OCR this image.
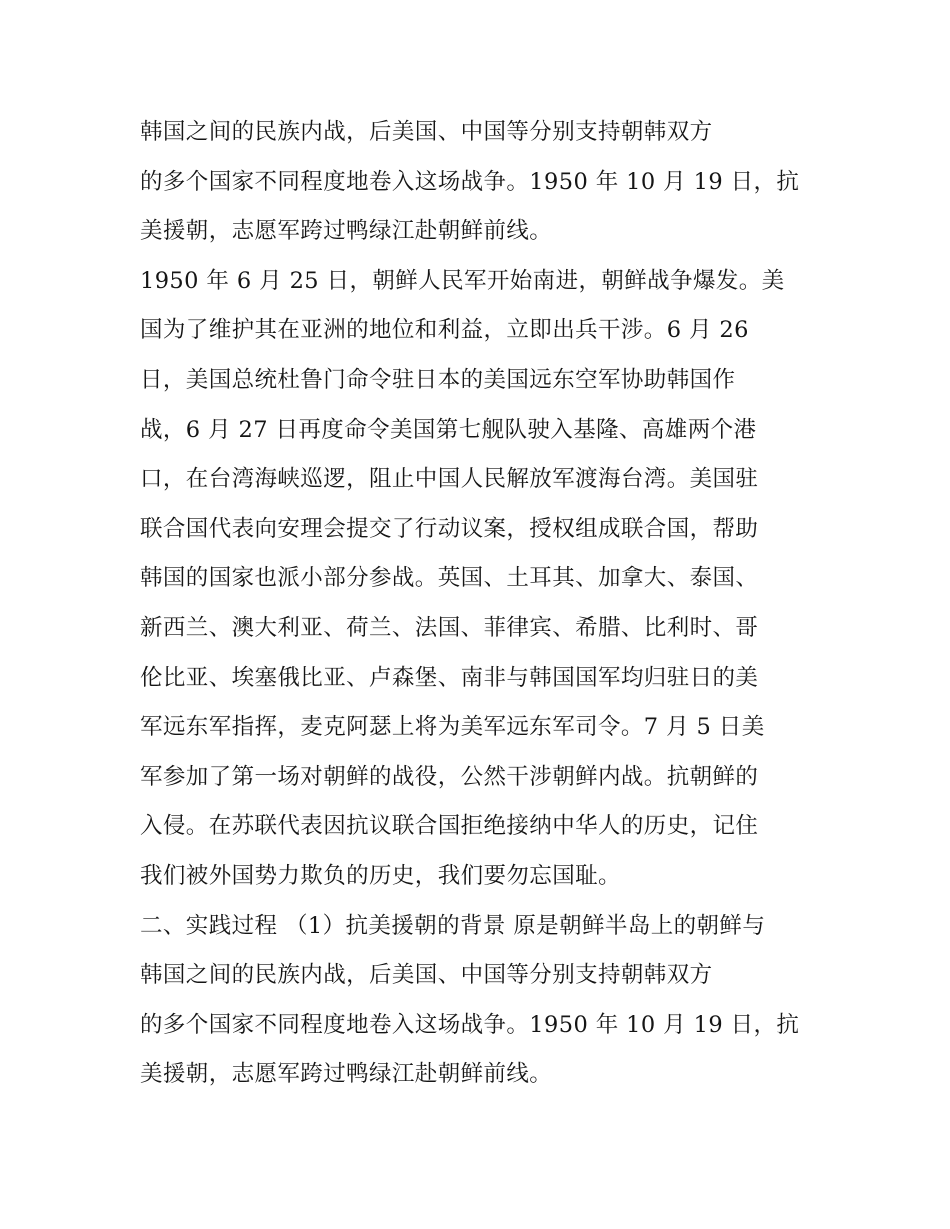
韩国之间的民族内战，后美国、中国等分别支持朝韩双方
的多个国家不同程度地卷入这场战争。1950 年 10 月 19 日，抗
美援朝，志愿军跨过鸭绿江赴朝鲜前线。
1950 年 6 月 25 日，朝鲜人民军开始南进，朝鲜战争爆发。美
国为了维护其在亚洲的地位和利益，立即出兵干涉。6 月 26
日，美国总统杜鲁门命令驻日本的美国远东空军协助韩国作
战，6 月 27 日再度命令美国第七舰队驶入基隆、高雄两个港
口，在台湾海峡巡逻，阻止中国人民解放军渡海台湾。美国驻
联合国代表向安理会提交了行动议案，授权组成联合国，帮助
韩国的国家也派小部分参战。英国、土耳其、加拿大、泰国、
新西兰、澳大利亚、荷兰、法国、菲律宾、希腊、比利时、哥
伦比亚、埃塞俄比亚、卢森堡、南非与韩国国军均归驻日的美
军远东军指挥，麦克阿瑟上将为美军远东军司令。7 月 5 日美
军参加了第一场对朝鲜的战役，公然干涉朝鲜内战。抗朝鲜的
入侵。在苏联代表因抗议联合国拒绝接纳中华人的历史，记住
我们被外国势力欺负的历史，我们要勿忘国耻。
二、实践过程 （1）抗美援朝的背景 原是朝鲜半岛上的朝鲜与
韩国之间的民族内战，后美国、中国等分别支持朝韩双方
的多个国家不同程度地卷入这场战争。1950 年 10 月 19 日，抗
美援朝，志愿军跨过鸭绿江赴朝鲜前线。
